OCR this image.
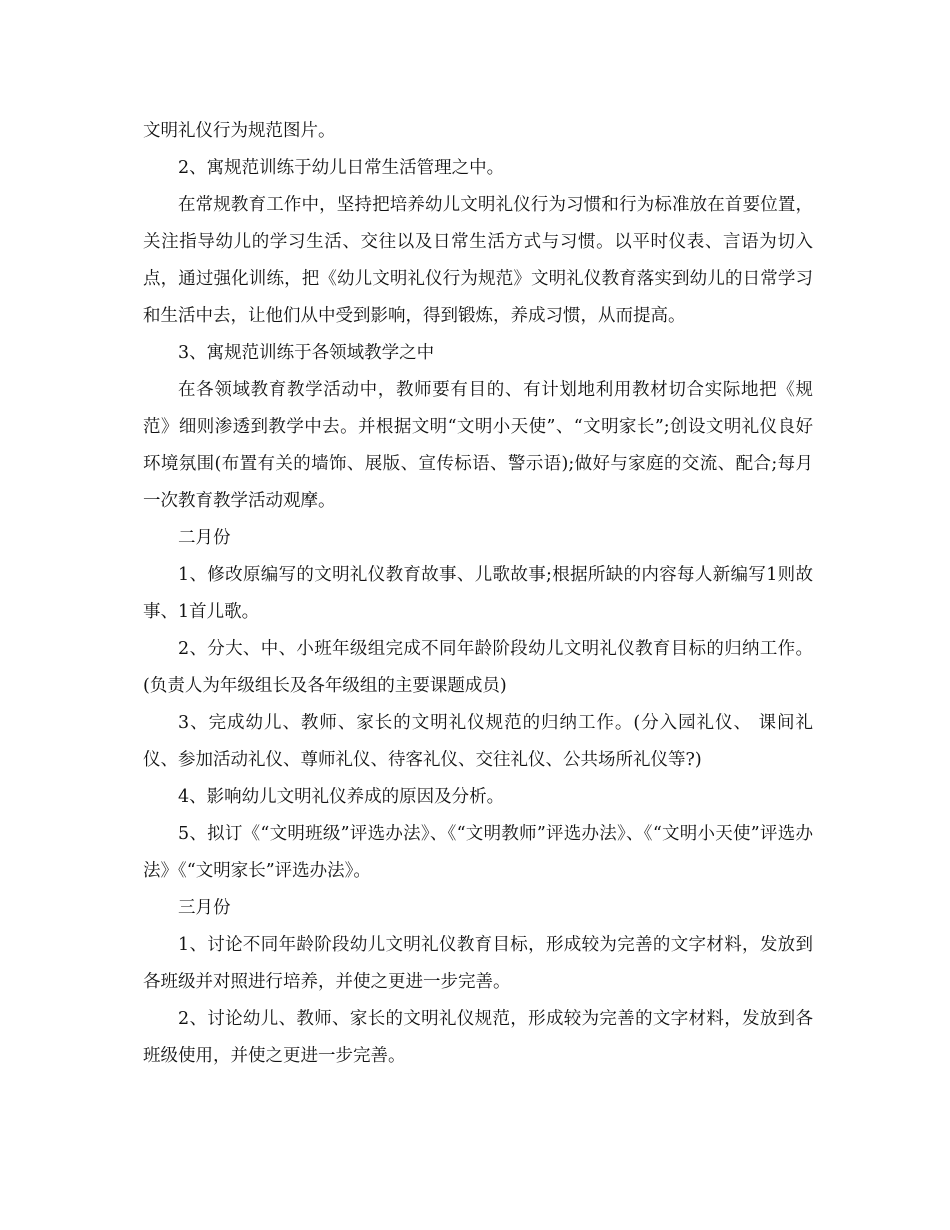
文明礼仪行为规范图片。

2、寓规范训练于幼儿日常生活管理之中。

在常规教育工作中，坚持把培养幼儿文明礼仪行为习惯和行为标准放在首要位置，关注指导幼儿的学习生活、交往以及日常生活方式与习惯。以平时仪表、言语为切入点，通过强化训练，把《幼儿文明礼仪行为规范》文明礼仪教育落实到幼儿的日常学习和生活中去，让他们从中受到影响，得到锻炼，养成习惯，从而提高。

3、寓规范训练于各领域教学之中

在各领域教育教学活动中，教师要有目的、有计划地利用教材切合实际地把《规范》细则渗透到教学中去。并根据文明“文明小天使”、“文明家长”;创设文明礼仪良好环境氛围(布置有关的墙饰、展版、宣传标语、警示语);做好与家庭的交流、配合;每月一次教育教学活动观摩。

二月份

1、修改原编写的文明礼仪教育故事、儿歌故事;根据所缺的内容每人新编写1则故事、1首儿歌。

2、分大、中、小班年级组完成不同年龄阶段幼儿文明礼仪教育目标的归纳工作。(负责人为年级组长及各年级组的主要课题成员)

3、完成幼儿、教师、家长的文明礼仪规范的归纳工作。(分入园礼仪、 课间礼仪、参加活动礼仪、尊师礼仪、待客礼仪、交往礼仪、公共场所礼仪等?)

4、影响幼儿文明礼仪养成的原因及分析。

5、拟订《“文明班级”评选办法》、《“文明教师”评选办法》、《“文明小天使”评选办法》《“文明家长”评选办法》。

三月份

1、讨论不同年龄阶段幼儿文明礼仪教育目标，形成较为完善的文字材料，发放到各班级并对照进行培养，并使之更进一步完善。

2、讨论幼儿、教师、家长的文明礼仪规范，形成较为完善的文字材料，发放到各班级使用，并使之更进一步完善。
